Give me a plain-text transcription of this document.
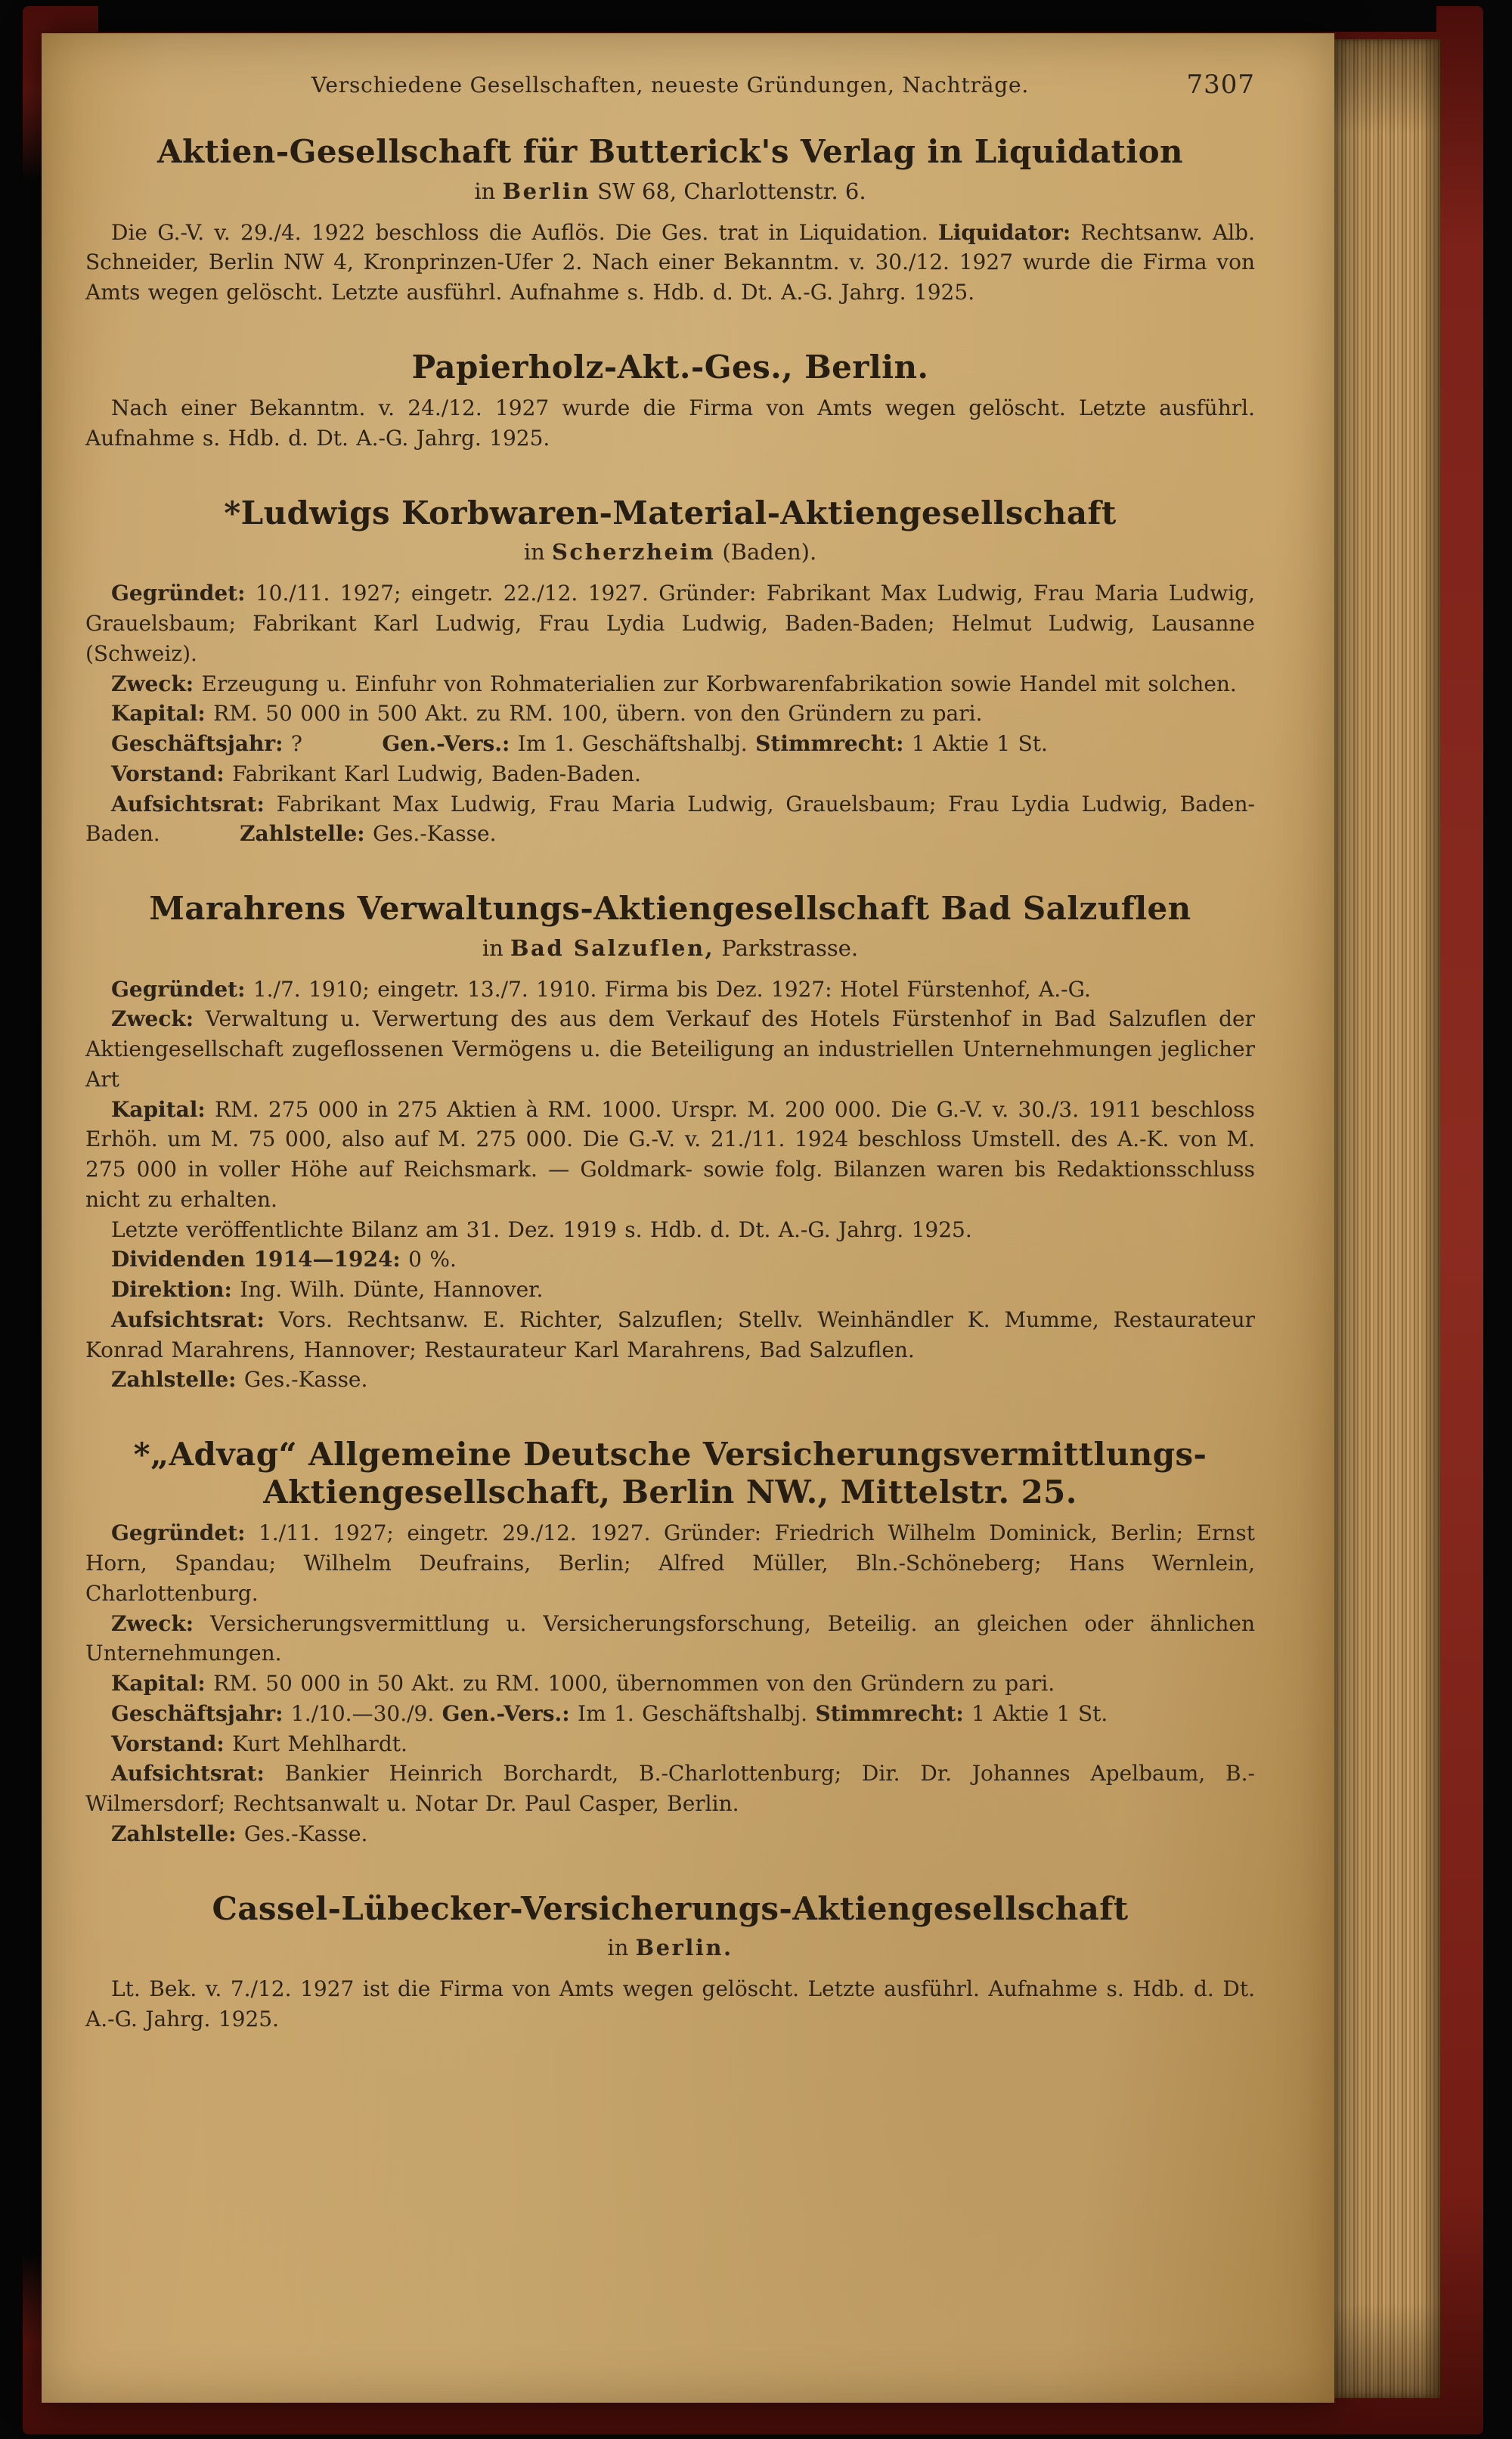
Verschiedene Gesellschaften, neueste Gründungen, Nachträge.	7307
Aktien-Gesellschaft für Butterick's Verlag in Liquidation

in Berlin SW 68, Charlottenstr. 6.

Die G.-V. v. 29./4. 1922 beschloss die Auflös. Die Ges. trat in Liquidation. Liquidator: Rechtsanw. Alb. Schneider, Berlin NW 4, Kronprinzen-Ufer 2. Nach einer Bekanntm. v. 30./12. 1927 wurde die Firma von Amts wegen gelöscht. Letzte ausführl. Aufnahme s. Hdb. d. Dt. A.-G. Jahrg. 1925.

Papierholz-Akt.-Ges., Berlin.

Nach einer Bekanntm. v. 24./12. 1927 wurde die Firma von Amts wegen gelöscht. Letzte ausführl. Aufnahme s. Hdb. d. Dt. A.-G. Jahrg. 1925.

*Ludwigs Korbwaren-Material-Aktiengesellschaft

in Scherzheim (Baden).

Gegründet: 10./11. 1927; eingetr. 22./12. 1927. Gründer: Fabrikant Max Ludwig, Frau Maria Ludwig, Grauelsbaum; Fabrikant Karl Ludwig, Frau Lydia Ludwig, Baden-Baden; Helmut Ludwig, Lausanne (Schweiz).

Zweck: Erzeugung u. Einfuhr von Rohmaterialien zur Korbwarenfabrikation sowie Handel mit solchen.

Kapital: RM. 50 000 in 500 Akt. zu RM. 100, übern. von den Gründern zu pari.

Geschäftsjahr: ?	Gen.-Vers.: Im 1. Geschäftshalbj. Stimmrecht: 1 Aktie 1 St.

Vorstand: Fabrikant Karl Ludwig, Baden-Baden.

Aufsichtsrat: Fabrikant Max Ludwig, Frau Maria Ludwig, Grauelsbaum; Frau Lydia Ludwig, Baden-Baden.	Zahlstelle: Ges.-Kasse.

Marahrens Verwaltungs-Aktiengesellschaft Bad Salzuflen

in Bad Salzuflen, Parkstrasse.

Gegründet: 1./7. 1910; eingetr. 13./7. 1910. Firma bis Dez. 1927: Hotel Fürstenhof, A.-G.

Zweck: Verwaltung u. Verwertung des aus dem Verkauf des Hotels Fürstenhof in Bad Salzuflen der Aktiengesellschaft zugeflossenen Vermögens u. die Beteiligung an industriellen Unternehmungen jeglicher Art

Kapital: RM. 275 000 in 275 Aktien à RM. 1000. Urspr. M. 200 000. Die G.-V. v. 30./3. 1911 beschloss Erhöh. um M. 75 000, also auf M. 275 000. Die G.-V. v. 21./11. 1924 beschloss Umstell. des A.-K. von M. 275 000 in voller Höhe auf Reichsmark. — Goldmark- sowie folg. Bilanzen waren bis Redaktionsschluss nicht zu erhalten.

Letzte veröffentlichte Bilanz am 31. Dez. 1919 s. Hdb. d. Dt. A.-G. Jahrg. 1925.

Dividenden 1914—1924: 0 %.

Direktion: Ing. Wilh. Dünte, Hannover.

Aufsichtsrat: Vors. Rechtsanw. E. Richter, Salzuflen; Stellv. Weinhändler K. Mumme, Restaurateur Konrad Marahrens, Hannover; Restaurateur Karl Marahrens, Bad Salzuflen.

Zahlstelle: Ges.-Kasse.

*„Advag“ Allgemeine Deutsche Versicherungsvermittlungs-Aktiengesellschaft, Berlin NW., Mittelstr. 25.

Gegründet: 1./11. 1927; eingetr. 29./12. 1927. Gründer: Friedrich Wilhelm Dominick, Berlin; Ernst Horn, Spandau; Wilhelm Deufrains, Berlin; Alfred Müller, Bln.-Schöneberg; Hans Wernlein, Charlottenburg.

Zweck: Versicherungsvermittlung u. Versicherungsforschung, Beteilig. an gleichen oder ähnlichen Unternehmungen.

Kapital: RM. 50 000 in 50 Akt. zu RM. 1000, übernommen von den Gründern zu pari.

Geschäftsjahr: 1./10.—30./9. Gen.-Vers.: Im 1. Geschäftshalbj. Stimmrecht: 1 Aktie 1 St.

Vorstand: Kurt Mehlhardt.

Aufsichtsrat: Bankier Heinrich Borchardt, B.-Charlottenburg; Dir. Dr. Johannes Apelbaum, B.-Wilmersdorf; Rechtsanwalt u. Notar Dr. Paul Casper, Berlin.

Zahlstelle: Ges.-Kasse.

Cassel-Lübecker-Versicherungs-Aktiengesellschaft

in Berlin.

Lt. Bek. v. 7./12. 1927 ist die Firma von Amts wegen gelöscht. Letzte ausführl. Aufnahme s. Hdb. d. Dt. A.-G. Jahrg. 1925.
